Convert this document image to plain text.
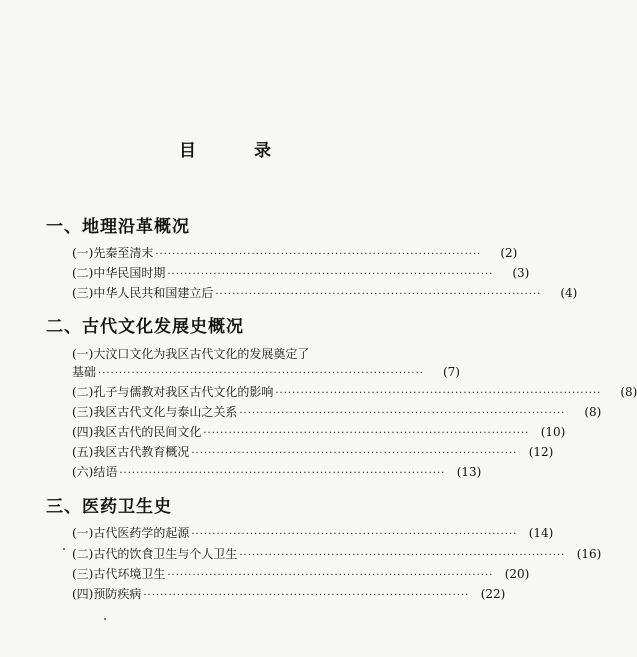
目 录
一、地理沿革概况
(一)先秦至清末 ··············································································	(2)
(二)中华民国时期 ··············································································	(3)
(三)中华人民共和国建立后 ··············································································	(4)
二、古代文化发展史概况
(一)大汶口文化为我区古代文化的发展奠定了
基础 ··············································································	(7)
(二)孔子与儒教对我区古代文化的影响 ··············································································	(8)
(三)我区古代文化与泰山之关系 ··············································································	(8)
(四)我区古代的民间文化 ·············································································· (10)
(五)我区古代教育概况 ·············································································· (12)
(六)结语 ·············································································· (13)
三、医药卫生史
(一)古代医药学的起源 ·············································································· (14)
(二)古代的饮食卫生与个人卫生 ·············································································· (16)
(三)古代环境卫生 ·············································································· (20)
(四)预防疾病 ·············································································· (22)
